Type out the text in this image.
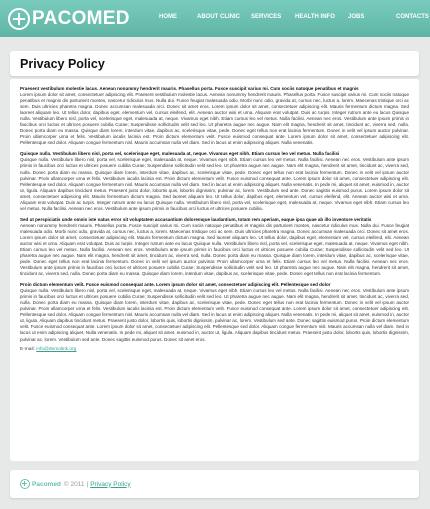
PACOMED	HOME	ABOUT CLINIC SERVICES HEALTH INFO JOBS	CONTACTS
Privacy Policy

Praesent vestibulum molestie lacus. Aenean nonummy hendrerit mauris. Phasellus porta. Fusce suscipit varius mi. Cum sociis natoque penatibus et magnis
Lorem ipsum dolor sit amet, consectetuer adipiscing elit. Praesent vestibulum molestie lacus. Aenean nonummy hendrerit mauris. Phasellus porta. Fusce suscipit varius mi. Cum sociis natoque penatibus et magnis dis parturient montes, nascetur ridiculus mus. Nulla dui. Fusce feugiat malesuada odio. Morbi nunc odio, gravida at, cursus nec, luctus a, lorem. Maecenas tristique orci ac sem. Duis ultricies pharetra magna. Donec accumsan malesuada orci. Donec sit amet eros. Lorem ipsum dolor sit amet, consectetuer adipiscing elit. Mauris fermentum dictum magna. Sed laoreet aliquam leo. Ut tellus dolor, dapibus eget, elementum vel, cursus eleifend, elit. Aenean auctor wisi et urna. Aliquam erat volutpat. Duis ac turpis. Integer rutrum ante eu lacus Quisque nulla. Vestibulum libero nisl, porta vel, scelerisque eget, malesuada at, neque. Vivamus eget nibh. Etiam cursus leo vel metus. Nulla facilisi. Aenean nec eros. Vestibulum ante ipsum primis in faucibus orci luctus et ultrices posuere cubilia Curae; Suspendisse sollicitudin velit sed leo. Ut pharetra augue nec augue. Nam elit magna, hendrerit sit amet, tincidunt ac, viverra sed, nulla. Donec porta diam eu massa. Quisque diam lorem, interdum vitae, dapibus ac, scelerisque vitae, pede. Donec eget tellus non erat lacinia fermentum. Donec in velit vel ipsum auctor pulvinar. Proin ullamcorper urna et felis. Vestibulum iaculis lacinia est. Proin dictum elementum velit. Fusce euismod consequat ante. Lorem ipsum dolor sit amet, consectetuer adipiscing elit. Pellentesque sed dolor. Aliquam congue fermentum nisl. Mauris accumsan nulla vel diam. Sed in lacus ut enim adipiscing aliquet. Nulla venenatis.

Quisque nulla. Vestibulum libero nisl, porta vel, scelerisque eget, malesuada at, neque. Vivamus eget nibh. Etiam cursus leo vel metus. Nulla facilisi
Quisque nulla. Vestibulum libero nisl, porta vel, scelerisque eget, malesuada at, neque. Vivamus eget nibh. Etiam cursus leo vel metus. Nulla facilisi. Aenean nec eros. Vestibulum ante ipsum primis in faucibus orci luctus et ultrices posuere cubilia Curae; Suspendisse sollicitudin velit sed leo. Ut pharetra augue nec augue. Nam elit magna, hendrerit sit amet, tincidunt ac, viverra sed, nulla. Donec porta diam eu massa. Quisque diam lorem, interdum vitae, dapibus ac, scelerisque vitae, pede. Donec eget tellus non erat lacinia fermentum. Donec in velit vel ipsum auctor pulvinar. Proin ullamcorper urna et felis. Vestibulum iaculis lacinia est. Proin dictum elementum velit. Fusce euismod consequat ante. Lorem ipsum dolor sit amet, consectetuer adipiscing elit. Pellentesque sed dolor. Aliquam congue fermentum nisl. Mauris accumsan nulla vel diam. Sed in lacus ut enim adipiscing aliquet. Nulla venenatis. In pede mi, aliquet sit amet, euismod in, auctor ut, ligula. Aliquam dapibus tincidunt metus. Praesent justo dolor, lobortis quis, lobortis dignissim, pulvinar ac, lorem. Vestibulum sed ante. Donec sagittis euismod purus. Lorem ipsum dolor sit amet, consectetuer adipiscing elit. Mauris fermentum dictum magna. Sed laoreet aliquam leo. Ut tellus dolor, dapibus eget, elementum vel, cursus eleifend, elit. Aenean auctor wisi et urna. Aliquam erat volutpat. Duis ac turpis. Integer rutrum ante eu lacus Quisque nulla. Vestibulum libero nisl, porta vel, scelerisque eget, malesuada at, neque. Vivamus eget nibh. Etiam cursus leo vel metus. Nulla facilisi. Aenean nec eros. Vestibulum ante ipsum primis in faucibus orci luctus et ultrices posuere cubilia.

Sed ut perspiciatis unde omnis iste natus error sit voluptatem accusantium doloremque laudantium, totam rem aperiam, eaque ipsa quae ab illo inventore veritatis
Aenean nonummy hendrerit mauris. Phasellus porta. Fusce suscipit varius mi. Cum sociis natoque penatibus et magnis dis parturient montes, nascetur ridiculus mus. Nulla dui. Fusce feugiat malesuada odio. Morbi nunc odio, gravida at, cursus nec, luctus a, lorem. Maecenas tristique orci ac sem. Duis ultricies pharetra magna. Donec accumsan malesuada orci. Donec sit amet eros. Lorem ipsum dolor sit amet, consectetuer adipiscing elit. Mauris fermentum dictum magna. Sed laoreet aliquam leo. Ut tellus dolor, dapibus eget, elementum vel, cursus eleifend, elit. Aenean auctor wisi et urna. Aliquam erat volutpat. Duis ac turpis. Integer rutrum ante eu lacus Quisque nulla. Vestibulum libero nisl, porta vel, scelerisque eget, malesuada at, neque. Vivamus eget nibh. Etiam cursus leo vel metus. Nulla facilisi. Aenean nec eros. Vestibulum ante ipsum primis in faucibus orci luctus et ultrices posuere cubilia Curae; Suspendisse sollicitudin velit sed leo. Ut pharetra augue nec augue. Nam elit magna, hendrerit sit amet, tincidunt ac, viverra sed, nulla. Donec porta diam eu massa. Quisque diam lorem, interdum vitae, dapibus ac, scelerisque vitae, pede. Donec eget tellus non erat lacinia fermentum. Donec in velit vel ipsum auctor pulvinar. Proin ullamcorper urna et felis. Etiam cursus leo vel metus. Nulla facilisi. Aenean nec eros. Vestibulum ante ipsum primis in faucibus orci luctus et ultrices posuere cubilia Curae; Suspendisse sollicitudin velit sed leo. Ut pharetra augue nec augue. Nam elit magna, hendrerit sit amet, tincidunt ac, viverra sed, nulla. Donec porta diam eu massa. Quisque diam lorem, interdum vitae, dapibus ac, scelerisque vitae, pede. Donec eget tellus non erat lacinia fermentum.

Proin dictum elementum velit. Fusce euismod consequat ante. Lorem ipsum dolor sit amet, consectetuer adipiscing elit. Pellentesque sed dolor
Quisque nulla. Vestibulum libero nisl, porta vel, scelerisque eget, malesuada at, neque. Vivamus eget nibh. Etiam cursus leo vel metus. Nulla facilisi. Aenean nec eros. Vestibulum ante ipsum primis in faucibus orci luctus et ultrices posuere cubilia Curae; Suspendisse sollicitudin velit sed leo. Ut pharetra augue nec augue. Nam elit magna, hendrerit sit amet, tincidunt ac, viverra sed, nulla. Donec porta diam eu massa. Quisque diam lorem, interdum vitae, dapibus ac, scelerisque vitae, pede. Donec eget tellus non erat lacinia fermentum. Donec in velit vel ipsum auctor pulvinar. Proin ullamcorper urna et felis. Vestibulum iaculis lacinia est. Proin dictum elementum velit. Fusce euismod consequat ante. Lorem ipsum dolor sit amet, consectetuer adipiscing elit. Pellentesque sed dolor. Aliquam congue fermentum nisl. Mauris accumsan nulla vel diam. Sed in lacus ut enim adipiscing aliquet. Nulla venenatis. In pede mi, aliquet sit amet, euismod in, auctor ut, ligula. Aliquam dapibus tincidunt metus. Praesent justo dolor, lobortis quis, lobortis dignissim, pulvinar ac, lorem. Vestibulum sed ante. Donec sagittis euismod purus. Proin dictum elementum velit. Fusce euismod consequat ante. Lorem ipsum dolor sit amet, consectetuer adipiscing elit. Pellentesque sed dolor. Aliquam congue fermentum nisl. Mauris accumsan nulla vel diam. Sed in lacus ut enim adipiscing aliquet. Nulla venenatis. In pede mi, aliquet sit amet, euismod in, auctor ut, ligula. Aliquam dapibus tincidunt metus. Praesent justo dolor, lobortis quis, lobortis dignissim, pulvinar ac, lorem. Vestibulum sed ante. Donec sagittis euismod purus. Donec sit amet eros.

E-mail: info@demolink.org
Pacomed © 2011 | Privacy Policy
